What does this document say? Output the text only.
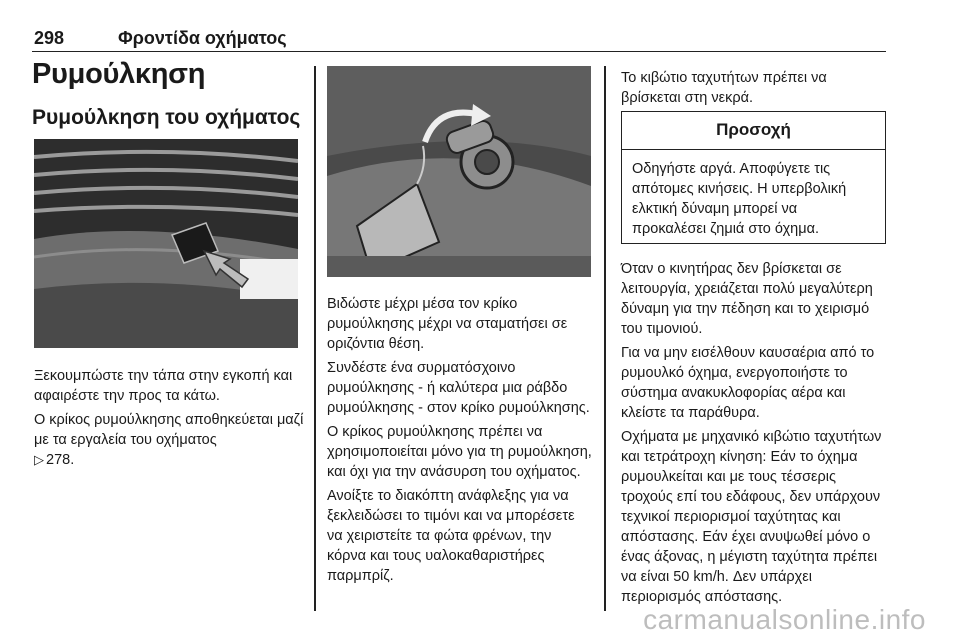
298	Φροντίδα οχήματος
Ρυμούλκηση
Ρυμούλκηση του οχήματος

Ξεκουμπώστε την τάπα στην εγκοπή και αφαιρέστε την προς τα κάτω.

Ο κρίκος ρυμούλκησης αποθηκεύεται μαζί με τα εργαλεία του οχήματος
▷ 278.

Βιδώστε μέχρι μέσα τον κρίκο ρυμούλκησης μέχρι να σταματήσει σε οριζόντια θέση.

Συνδέστε ένα συρματόσχοινο ρυμούλκησης - ή καλύτερα μια ράβδο ρυμούλκησης - στον κρίκο ρυμούλκησης.

Ο κρίκος ρυμούλκησης πρέπει να χρησιμοποιείται μόνο για τη ρυμούλκηση, και όχι για την ανάσυρση του οχήματος.

Ανοίξτε το διακόπτη ανάφλεξης για να ξεκλειδώσει το τιμόνι και να μπορέσετε να χειριστείτε τα φώτα φρένων, την κόρνα και τους υαλοκαθαριστήρες παρμπρίζ.

Το κιβώτιο ταχυτήτων πρέπει να βρίσκεται στη νεκρά.

Προσοχή
Οδηγήστε αργά. Αποφύγετε τις απότομες κινήσεις. Η υπερβολική ελκτική δύναμη μπορεί να προκαλέσει ζημιά στο όχημα.

Όταν ο κινητήρας δεν βρίσκεται σε λειτουργία, χρειάζεται πολύ μεγαλύτερη δύναμη για την πέδηση και το χειρισμό του τιμονιού.

Για να μην εισέλθουν καυσαέρια από το ρυμουλκό όχημα, ενεργοποιήστε το σύστημα ανακυκλοφορίας αέρα και κλείστε τα παράθυρα.

Οχήματα με μηχανικό κιβώτιο ταχυτήτων και τετράτροχη κίνηση: Εάν το όχημα ρυμουλκείται και με τους τέσσερις τροχούς επί του εδάφους, δεν υπάρχουν τεχνικοί περιορισμοί ταχύτητας και απόστασης. Εάν έχει ανυψωθεί μόνο ο ένας άξονας, η μέγιστη ταχύτητα πρέπει να είναι 50 km/h. Δεν υπάρχει περιορισμός απόστασης.

carmanualsonline.info
